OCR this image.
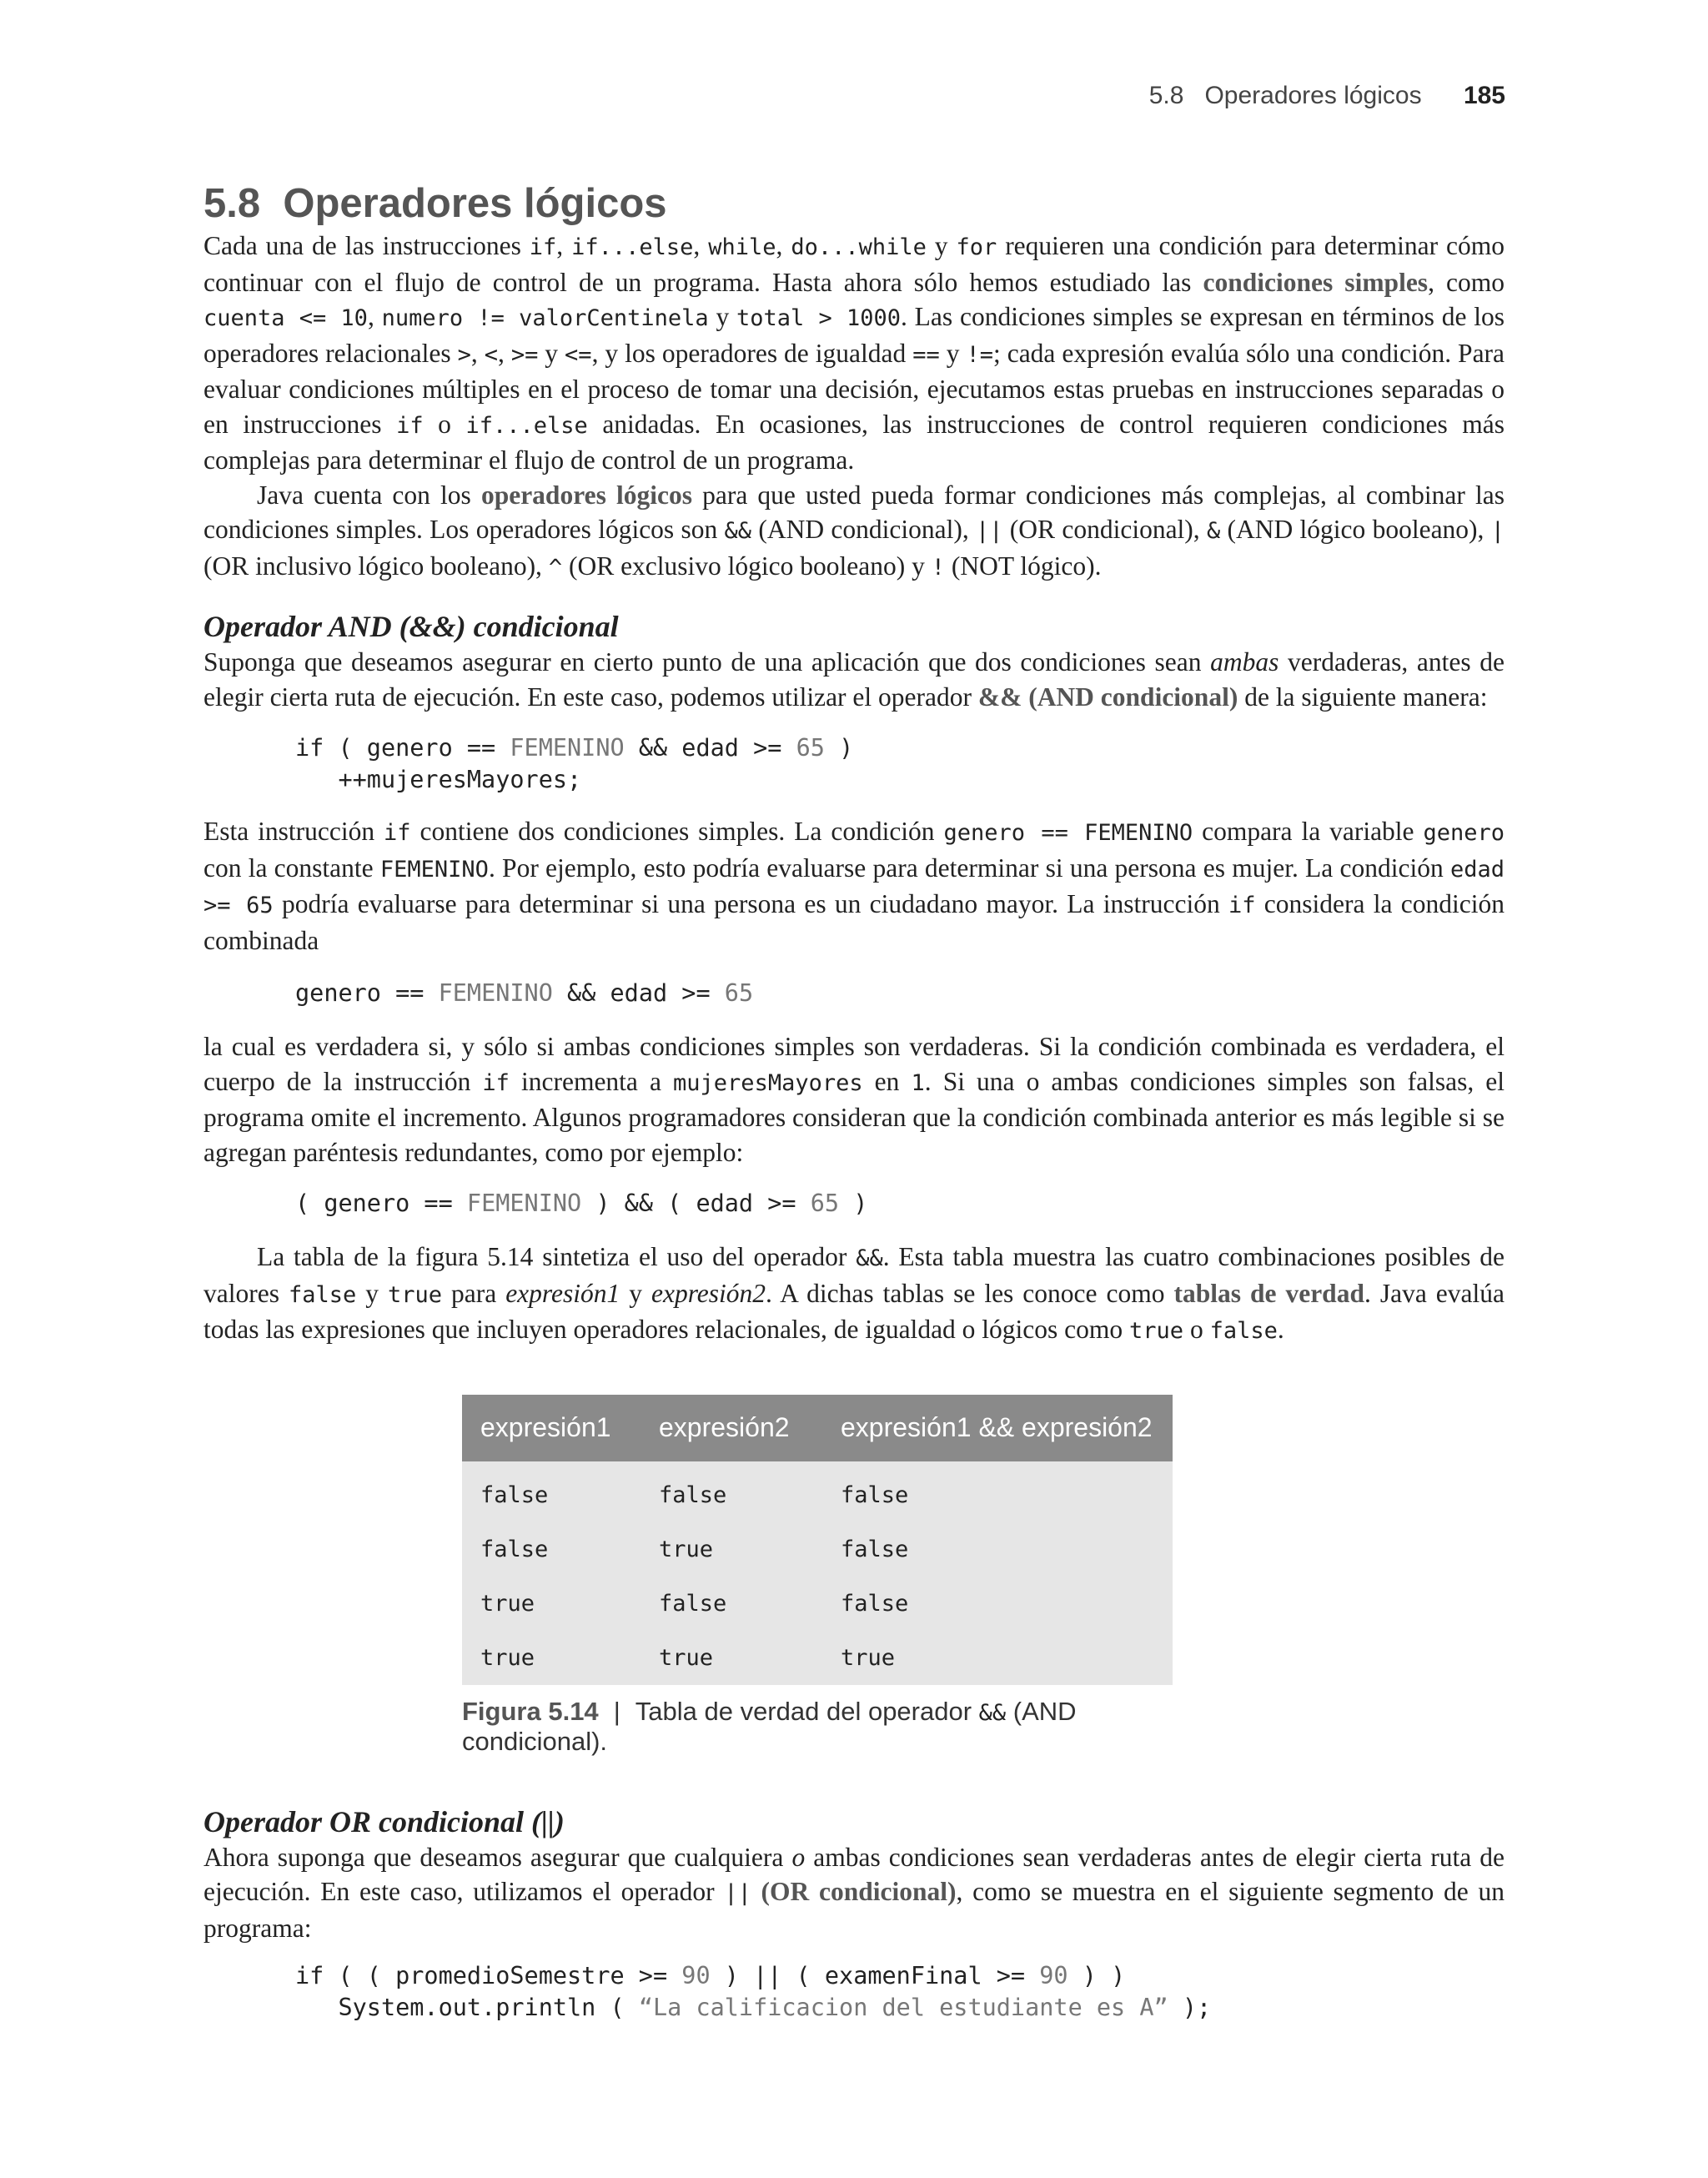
5.8 Operadores lógicos 185
5.8  Operadores lógicos

Cada una de las instrucciones if, if...else, while, do...while y for requieren una condición para determinar cómo continuar con el flujo de control de un programa. Hasta ahora sólo hemos estudiado las condiciones simples, como cuenta <= 10, numero != valorCentinela y total > 1000. Las condiciones simples se expresan en términos de los operadores relacionales >, <, >= y <=, y los operadores de igualdad == y !=; cada expresión evalúa sólo una condición. Para evaluar condiciones múltiples en el proceso de tomar una decisión, ejecutamos estas pruebas en instrucciones separadas o en instrucciones if o if...else anidadas. En ocasiones, las instrucciones de control requieren condiciones más complejas para determinar el flujo de control de un programa.

Java cuenta con los operadores lógicos para que usted pueda formar condiciones más complejas, al combinar las condiciones simples. Los operadores lógicos son && (AND condicional), || (OR condicional), & (AND lógico booleano), | (OR inclusivo lógico booleano), ^ (OR exclusivo lógico booleano) y ! (NOT lógico).

Operador AND (&&) condicional

Suponga que deseamos asegurar en cierto punto de una aplicación que dos condiciones sean ambas verdaderas, antes de elegir cierta ruta de ejecución. En este caso, podemos utilizar el operador && (AND condicional) de la siguiente manera:

if ( genero == FEMENINO && edad >= 65 )
++mujeresMayores;

Esta instrucción if contiene dos condiciones simples. La condición genero == FEMENINO compara la variable genero con la constante FEMENINO. Por ejemplo, esto podría evaluarse para determinar si una persona es mujer. La condición edad >= 65 podría evaluarse para determinar si una persona es un ciudadano mayor. La instrucción if considera la condición combinada

genero == FEMENINO && edad >= 65

la cual es verdadera si, y sólo si ambas condiciones simples son verdaderas. Si la condición combinada es verdadera, el cuerpo de la instrucción if incrementa a mujeresMayores en 1. Si una o ambas condiciones simples son falsas, el programa omite el incremento. Algunos programadores consideran que la condición combinada anterior es más legible si se agregan paréntesis redundantes, como por ejemplo:

( genero == FEMENINO ) && ( edad >= 65 )

La tabla de la figura 5.14 sintetiza el uso del operador &&. Esta tabla muestra las cuatro combinaciones posibles de valores false y true para expresión1 y expresión2. A dichas tablas se les conoce como tablas de verdad. Java evalúa todas las expresiones que incluyen operadores relacionales, de igualdad o lógicos como true o false.

expresión1	expresión2	expresión1 && expresión2
false	false	false
false	true	false
true	false	false
true	true	true
Figura 5.14 | Tabla de verdad del operador && (AND condicional).
Operador OR condicional (||)

Ahora suponga que deseamos asegurar que cualquiera o ambas condiciones sean verdaderas antes de elegir cierta ruta de ejecución. En este caso, utilizamos el operador || (OR condicional), como se muestra en el siguiente segmento de un programa:

if ( ( promedioSemestre >= 90 ) || ( examenFinal >= 90 ) )
System.out.println ( “La calificacion del estudiante es A” );
